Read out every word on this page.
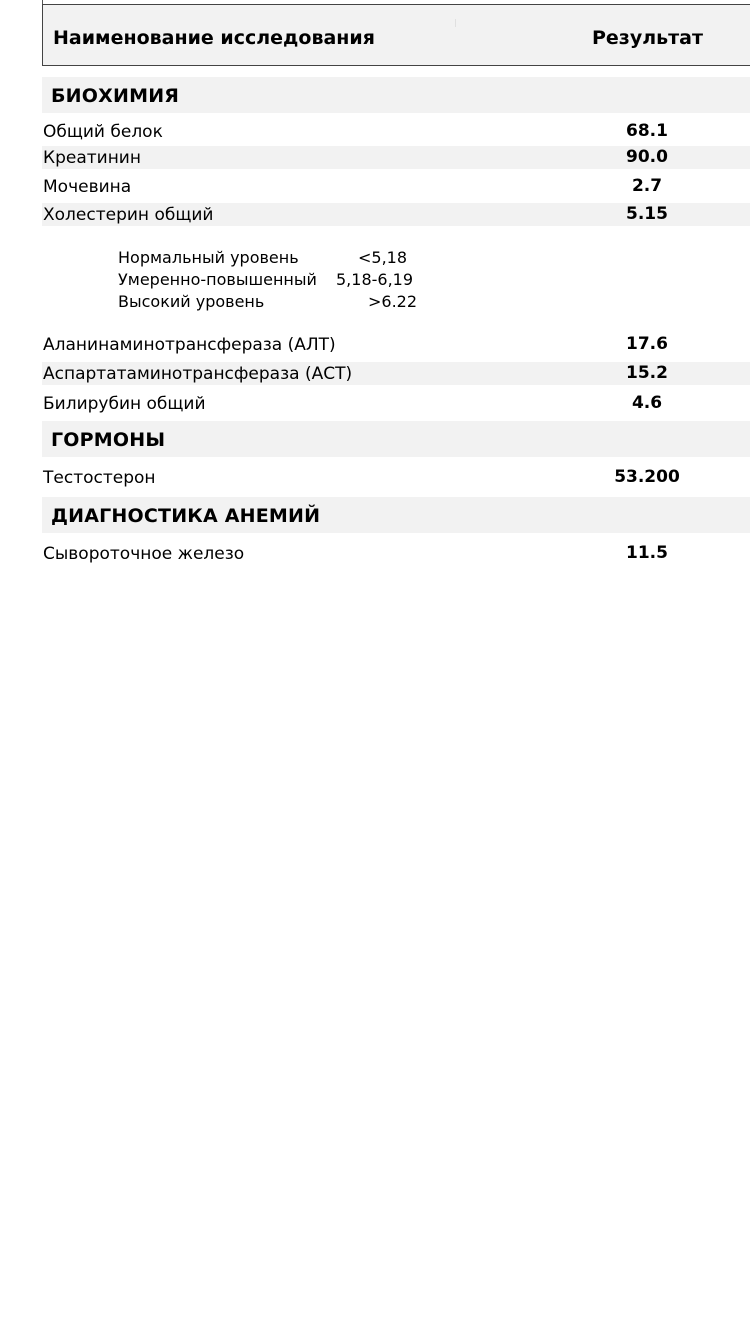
Наименование исследования	Результат
БИОХИМИЯ
Общий белок	68.1
Креатинин	90.0
Мочевина	2.7
Холестерин общий	5.15
Нормальный уровень	<5,18
Умеренно-повышенный 5,18-6,19
Высокий уровень	>6.22
Аланинаминотрансфераза (АЛТ)	17.6
Аспартатаминотрансфераза (АСТ)	15.2
Билирубин общий	4.6
ГОРМОНЫ
Тестостерон	53.200
ДИАГНОСТИКА АНЕМИЙ
Сывороточное железо	11.5
